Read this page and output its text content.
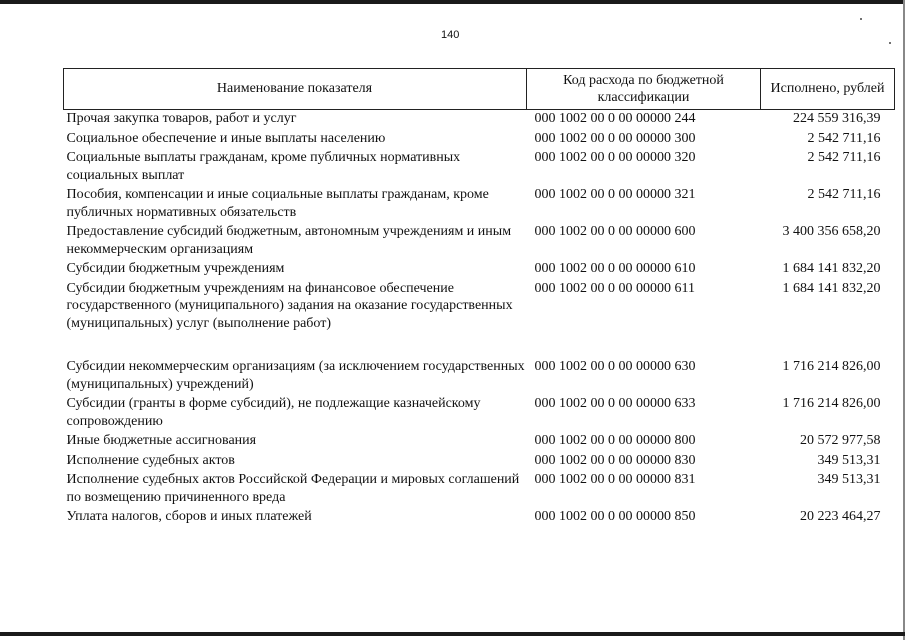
140
Наименование показателя	Код расхода по бюджетной классификации	Исполнено, рублей
Прочая закупка товаров, работ и услуг	000 1002 00 0 00 00000 244	224 559 316,39
Социальное обеспечение и иные выплаты населению	000 1002 00 0 00 00000 300	2 542 711,16
Социальные выплаты гражданам, кроме публичных нормативных социальных выплат	000 1002 00 0 00 00000 320	2 542 711,16
Пособия, компенсации и иные социальные выплаты гражданам, кроме публичных нормативных обязательств	000 1002 00 0 00 00000 321	2 542 711,16
Предоставление субсидий бюджетным, автономным учреждениям и иным некоммерческим организациям	000 1002 00 0 00 00000 600	3 400 356 658,20
Субсидии бюджетным учреждениям	000 1002 00 0 00 00000 610	1 684 141 832,20
Субсидии бюджетным учреждениям на финансовое обеспечение государственного (муниципального) задания на оказание государственных (муниципальных) услуг (выполнение работ)	000 1002 00 0 00 00000 611	1 684 141 832,20

Субсидии некоммерческим организациям (за исключением государственных (муниципальных) учреждений)	000 1002 00 0 00 00000 630	1 716 214 826,00
Субсидии (гранты в форме субсидий), не подлежащие казначейскому сопровождению	000 1002 00 0 00 00000 633	1 716 214 826,00
Иные бюджетные ассигнования	000 1002 00 0 00 00000 800	20 572 977,58
Исполнение судебных актов	000 1002 00 0 00 00000 830	349 513,31
Исполнение судебных актов Российской Федерации и мировых соглашений по возмещению причиненного вреда	000 1002 00 0 00 00000 831	349 513,31
Уплата налогов, сборов и иных платежей	000 1002 00 0 00 00000 850	20 223 464,27
